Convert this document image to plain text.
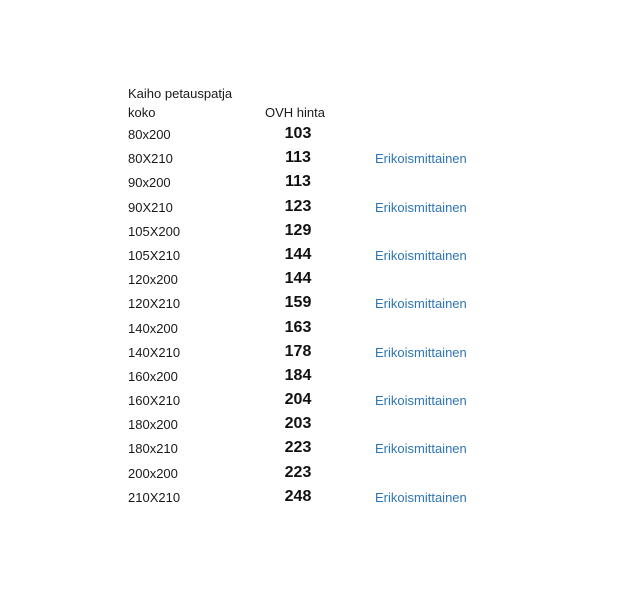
Kaiho petauspatja
koko	OVH hinta
80x200	103
80X210	113	Erikoismittainen
90x200	113
90X210	123	Erikoismittainen
105X200	129
105X210	144	Erikoismittainen
120x200	144
120X210	159	Erikoismittainen
140x200	163
140X210	178	Erikoismittainen
160x200	184
160X210	204	Erikoismittainen
180x200	203
180x210	223	Erikoismittainen
200x200	223
210X210	248	Erikoismittainen
